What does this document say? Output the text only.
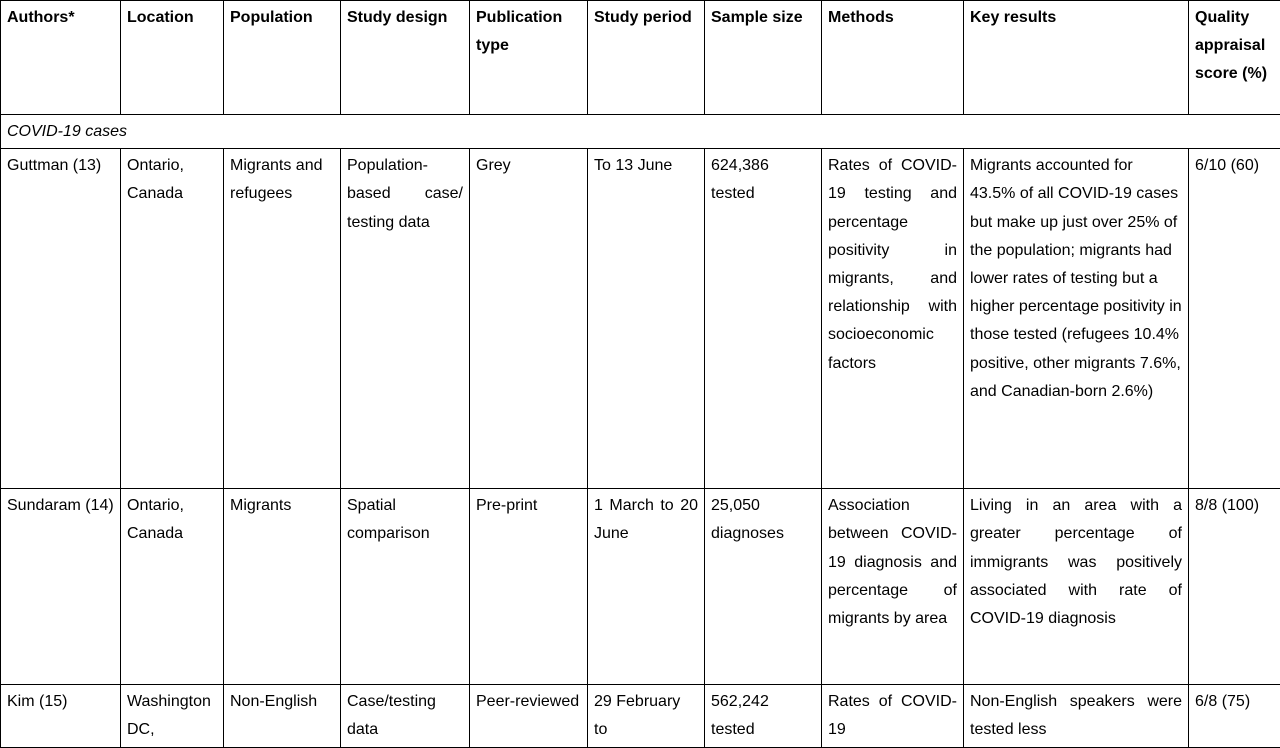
Authors*	Location	Population	Study design	Publication type	Study period	Sample size	Methods	Key results	Quality appraisal score (%)
COVID-19 cases									
Guttman (13)	Ontario, Canada	Migrants and refugees	Population-based case/ testing data	Grey	To 13 June	624,386 tested	Rates of COVID-19 testing and percentage positivity in migrants, and relationship with socioeconomic factors	Migrants accounted for 43.5% of all COVID-19 cases but make up just over 25% of the population; migrants had lower rates of testing but a higher percentage positivity in those tested (refugees 10.4% positive, other migrants 7.6%, and Canadian-born 2.6%)	6/10 (60)
Sundaram (14)	Ontario, Canada	Migrants	Spatial comparison	Pre-print	1 March to 20 June	25,050 diagnoses	Association between COVID-19 diagnosis and percentage of migrants by area	Living in an area with a greater percentage of immigrants was positively associated with rate of COVID-19 diagnosis	8/8 (100)
Kim (15)	Washington DC,	Non-English	Case/testing data	Peer-reviewed	29 February to	562,242 tested	Rates of COVID-19	Non-English speakers were tested less	6/8 (75)
